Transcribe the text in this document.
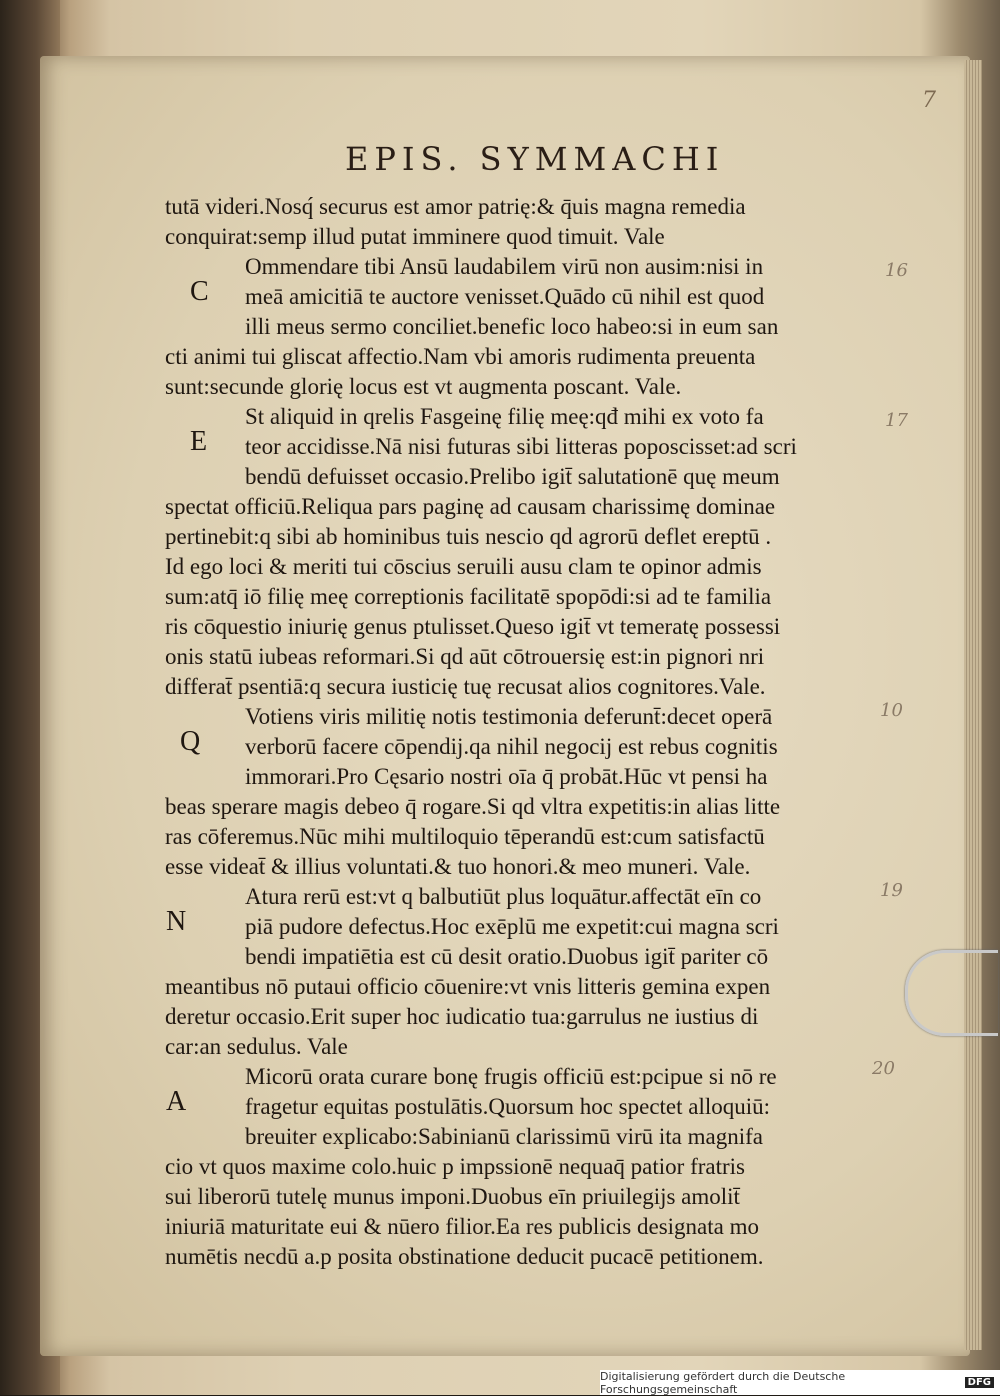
7
EPIS. SYMMACHI
tutā videri.Nosq́ securus est amor patrię:& q̄uis magna remedia
conquirat:semp illud putat imminere quod timuit. Vale
Ommendare tibi Ansū laudabilem virū non ausim:nisi in
meā amicitiā te auctore venisset.Quādo cū nihil est quod
illi meus sermo conciliet.benefic loco habeo:si in eum san
cti animi tui gliscat affectio.Nam vbi amoris rudimenta preuenta
sunt:secunde glorię locus est vt augmenta poscant. Vale.
St aliquid in qrelis Fasgeinę filię meę:qđ mihi ex voto fa
teor accidisse.Nā nisi futuras sibi litteras poposcisset:ad scri
bendū defuisset occasio.Prelibo igit̄ salutationē quę meum
spectat officiū.Reliqua pars paginę ad causam charissimę dominae
pertinebit:q sibi ab hominibus tuis nescio qd agrorū deflet ereptū .
Id ego loci & meriti tui cōscius seruili ausu clam te opinor admis
sum:atq̄ iō filię meę correptionis facilitatē spopōdi:si ad te familia
ris cōquestio iniurię genus ptulisset.Queso igit̄ vt temeratę possessi
onis statū iubeas reformari.Si qd aūt cōtrouersię est:in pignori nri
differat̄ psentiā:q secura iusticię tuę recusat alios cognitores.Vale.
Votiens viris militię notis testimonia deferunt̄:decet operā
verborū facere cōpendij.qa nihil negocij est rebus cognitis
immorari.Pro Cęsario nostri oīa q̄ probāt.Hūc vt pensi ha
beas sperare magis debeo q̄ rogare.Si qd vltra expetitis:in alias litte
ras cōferemus.Nūc mihi multiloquio tēperandū est:cum satisfactū
esse videat̄ & illius voluntati.& tuo honori.& meo muneri. Vale.
Atura rerū est:vt q balbutiūt plus loquātur.affectāt eīn co
piā pudore defectus.Hoc exēplū me expetit:cui magna scri
bendi impatiētia est cū desit oratio.Duobus igit̄ pariter cō
meantibus nō putaui officio cōuenire:vt vnis litteris gemina expen
deretur occasio.Erit super hoc iudicatio tua:garrulus ne iustius di
car:an sedulus. Vale
Micorū orata curare bonę frugis officiū est:pcipue si nō re
fragetur equitas postulātis.Quorsum hoc spectet alloquiū:
breuiter explicabo:Sabinianū clarissimū virū ita magnifa
cio vt quos maxime colo.huic p impssionē nequaq̄ patior fratris
sui liberorū tutelę munus imponi.Duobus eīn priuilegijs amolit̄
iniuriā maturitate eui & nūero filior.Ea res publicis designata mo
numētis necdū a.p posita obstinatione deducit pucacē petitionem.
C
E
Q
N
A
16
17
10
19
20
Digitalisierung gefördert durch die Deutsche Forschungsgemeinschaft	DFG
